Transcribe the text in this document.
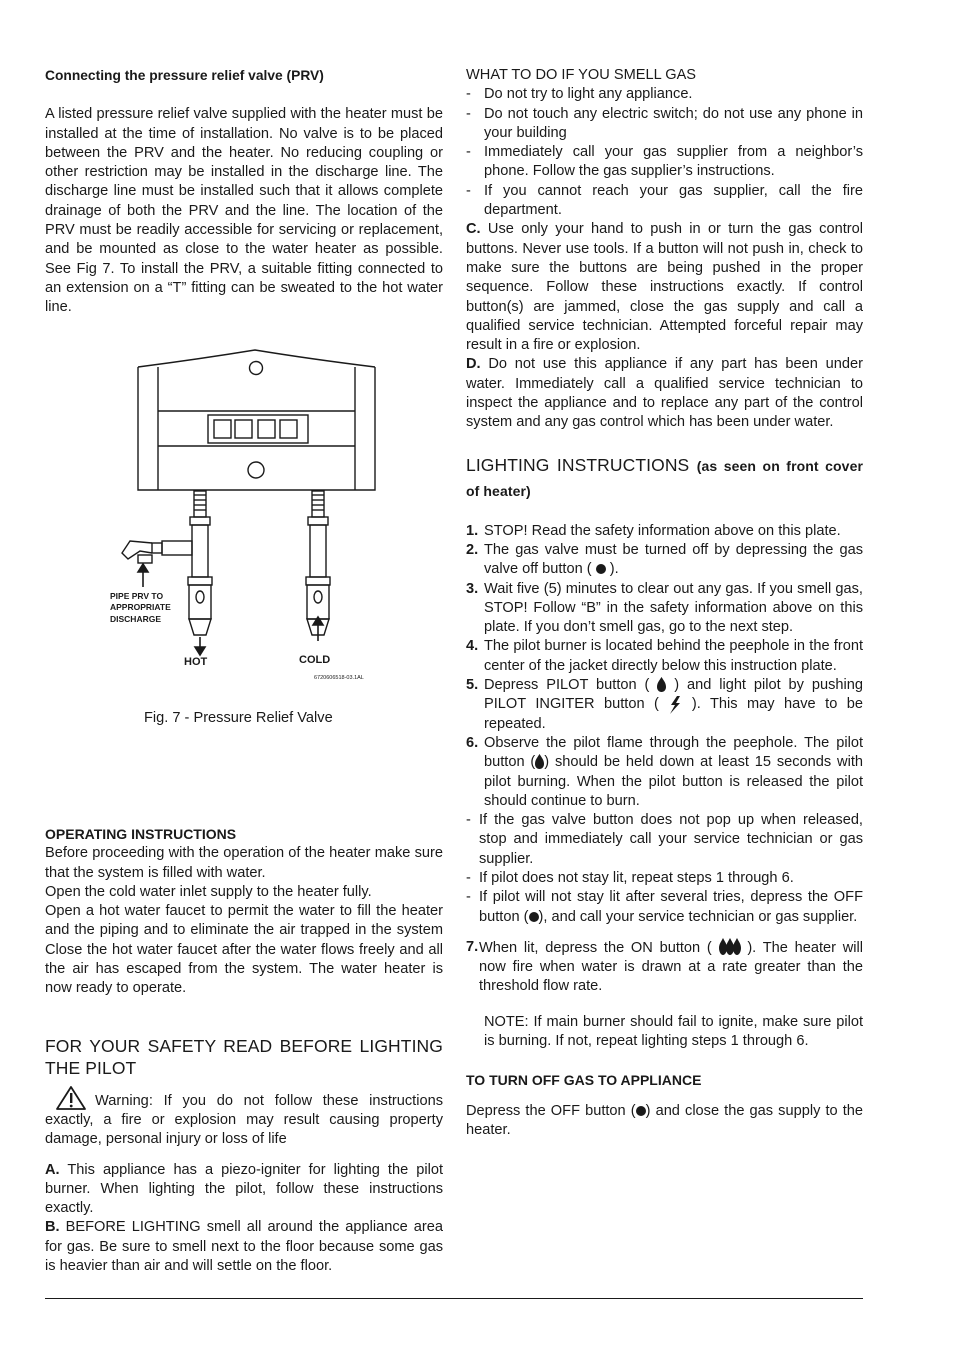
Connecting the pressure relief valve (PRV)

A listed pressure relief valve supplied with the heater must be installed at the time of installation. No valve is to be placed between the PRV and the heater. No reducing coupling or other restriction may be installed in the discharge line. The discharge line must be installed such that it allows complete drainage of both the PRV and the line. The location of the PRV must be readily accessible for servicing or replacement, and be mounted as close to the water heater as possible. See Fig 7. To install the PRV, a suitable fitting connected to an extension on a “T” fitting can be sweated to the hot water line.

PIPE PRV TO
APPROPRIATE
DISCHARGE
HOT	COLD
6720606518-03.1AL
Fig. 7 - Pressure Relief Valve

OPERATING INSTRUCTIONS

Before proceeding with the operation of the heater make sure that the system is filled with water.

Open the cold water inlet supply to the heater fully.

Open a hot water faucet to permit the water to fill the heater and the piping and to eliminate the air trapped in the system Close the hot water faucet after the water flows freely and all the air has escaped from the system. The water heater is now ready to operate.

FOR YOUR SAFETY READ BEFORE LIGHTING THE PILOT

Warning: If you do not follow these instructions exactly, a fire or explosion may result causing property damage, personal injury or loss of life

A. This appliance has a piezo-igniter for lighting the pilot burner. When lighting the pilot, follow these instructions exactly.

B. BEFORE LIGHTING smell all around the appliance area for gas. Be sure to smell next to the floor because some gas is heavier than air and will settle on the floor.

WHAT TO DO IF YOU SMELL GAS

- Do not try to light any appliance.
- Do not touch any electric switch; do not use any phone in your building
- Immediately call your gas supplier from a neighbor’s phone. Follow the gas supplier’s instructions.
- If you cannot reach your gas supplier, call the fire department.

C. Use only your hand to push in or turn the gas control buttons. Never use tools. If a button will not push in, check to make sure the buttons are being pushed in the proper sequence. Follow these instructions exactly. If control button(s) are jammed, close the gas supply and call a qualified service technician. Attempted forceful repair may result in a fire or explosion.

D. Do not use this appliance if any part has been under water. Immediately call a qualified service technician to inspect the appliance and to replace any part of the control system and any gas control which has been under water.

LIGHTING INSTRUCTIONS (as seen on front cover of heater)

1. STOP! Read the safety information above on this plate.
2. The gas valve must be turned off by depressing the gas valve off button ( ).
3. Wait five (5) minutes to clear out any gas. If you smell gas, STOP! Follow “B” in the safety information above on this plate. If you don’t smell gas, go to the next step.
4. The pilot burner is located behind the peephole in the front center of the jacket directly below this instruction plate.
5. Depress PILOT button ( ) and light pilot by pushing PILOT INGITER button ( ). This may have to be repeated.
6. Observe the pilot flame through the peephole. The pilot button ( ) should be held down at least 15 seconds with pilot burning. When the pilot button is released the pilot should continue to burn.
- If the gas valve button does not pop up when released, stop and immediately call your service technician or gas supplier.
- If pilot does not stay lit, repeat steps 1 through 6.
- If pilot will not stay lit after several tries, depress the OFF button ( ), and call your service technician or gas supplier.
7. When lit, depress the ON button ( ). The heater will now fire when water is drawn at a rate greater than the threshold flow rate.

NOTE: If main burner should fail to ignite, make sure pilot is burning. If not, repeat lighting steps 1 through 6.

TO TURN OFF GAS TO APPLIANCE

Depress the OFF button ( ) and close the gas supply to the heater.
